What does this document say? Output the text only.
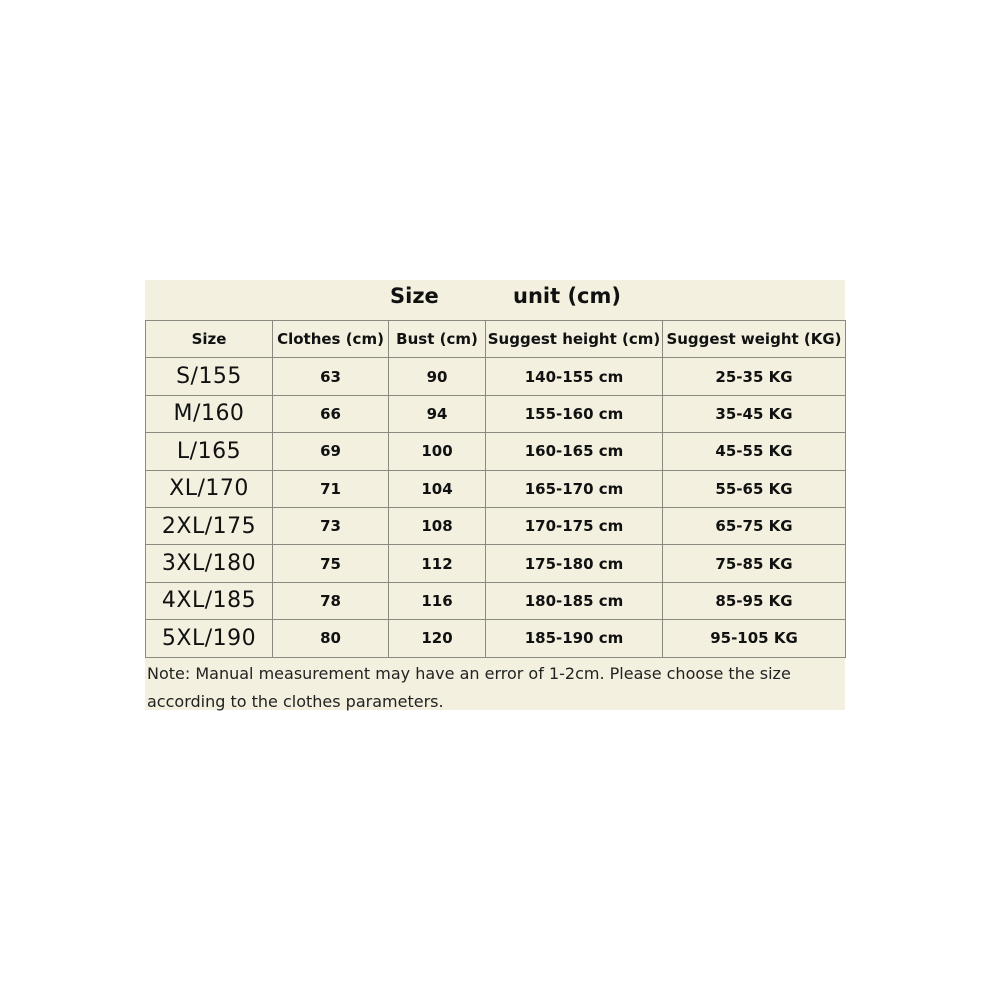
Size	unit (cm)
Size	Clothes (cm)	Bust (cm)	Suggest height (cm)	Suggest weight (KG)
S/155	63	90	140-155 cm	25-35 KG
M/160	66	94	155-160 cm	35-45 KG
L/165	69	100	160-165 cm	45-55 KG
XL/170	71	104	165-170 cm	55-65 KG
2XL/175	73	108	170-175 cm	65-75 KG
3XL/180	75	112	175-180 cm	75-85 KG
4XL/185	78	116	180-185 cm	85-95 KG
5XL/190	80	120	185-190 cm	95-105 KG
Note: Manual measurement may have an error of 1-2cm. Please choose the size
according to the clothes parameters.
